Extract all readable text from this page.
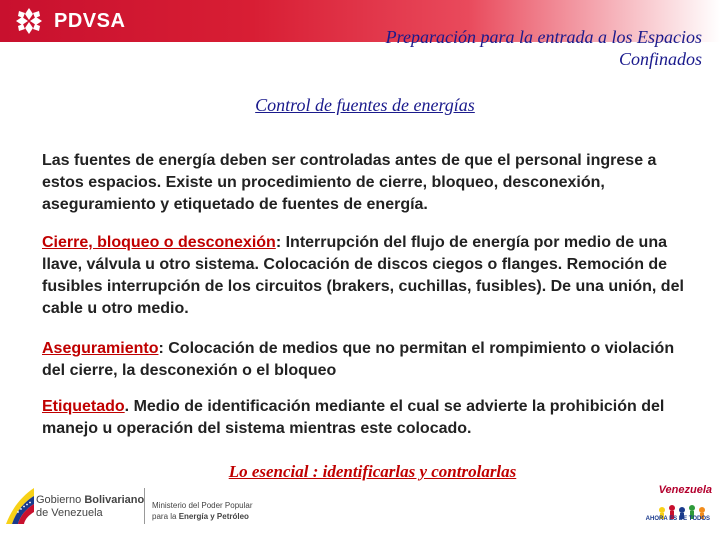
PDVSA
Preparación para la entrada a los Espacios
Confinados
Control de fuentes de energías
Las fuentes de energía deben ser controladas antes de que el personal ingrese a estos espacios. Existe un procedimiento de cierre, bloqueo, desconexión, aseguramiento y etiquetado de fuentes de energía.
Cierre, bloqueo o desconexión: Interrupción del flujo de energía por medio de una llave, válvula u otro sistema. Colocación de discos ciegos o flanges. Remoción de fusibles interrupción de los circuitos (brakers, cuchillas, fusibles). De una unión, del cable u otro medio.
Aseguramiento: Colocación de medios que no permitan el rompimiento o violación del cierre, la desconexión o el bloqueo
Etiquetado. Medio de identificación mediante el cual se advierte la prohibición del manejo u operación del sistema mientras este colocado.
Lo esencial : identificarlas y controlarlas
Gobierno Bolivariano
de Venezuela
Ministerio del Poder Popular
para la Energía y Petróleo
Venezuela
AHORA ES DE TODOS
